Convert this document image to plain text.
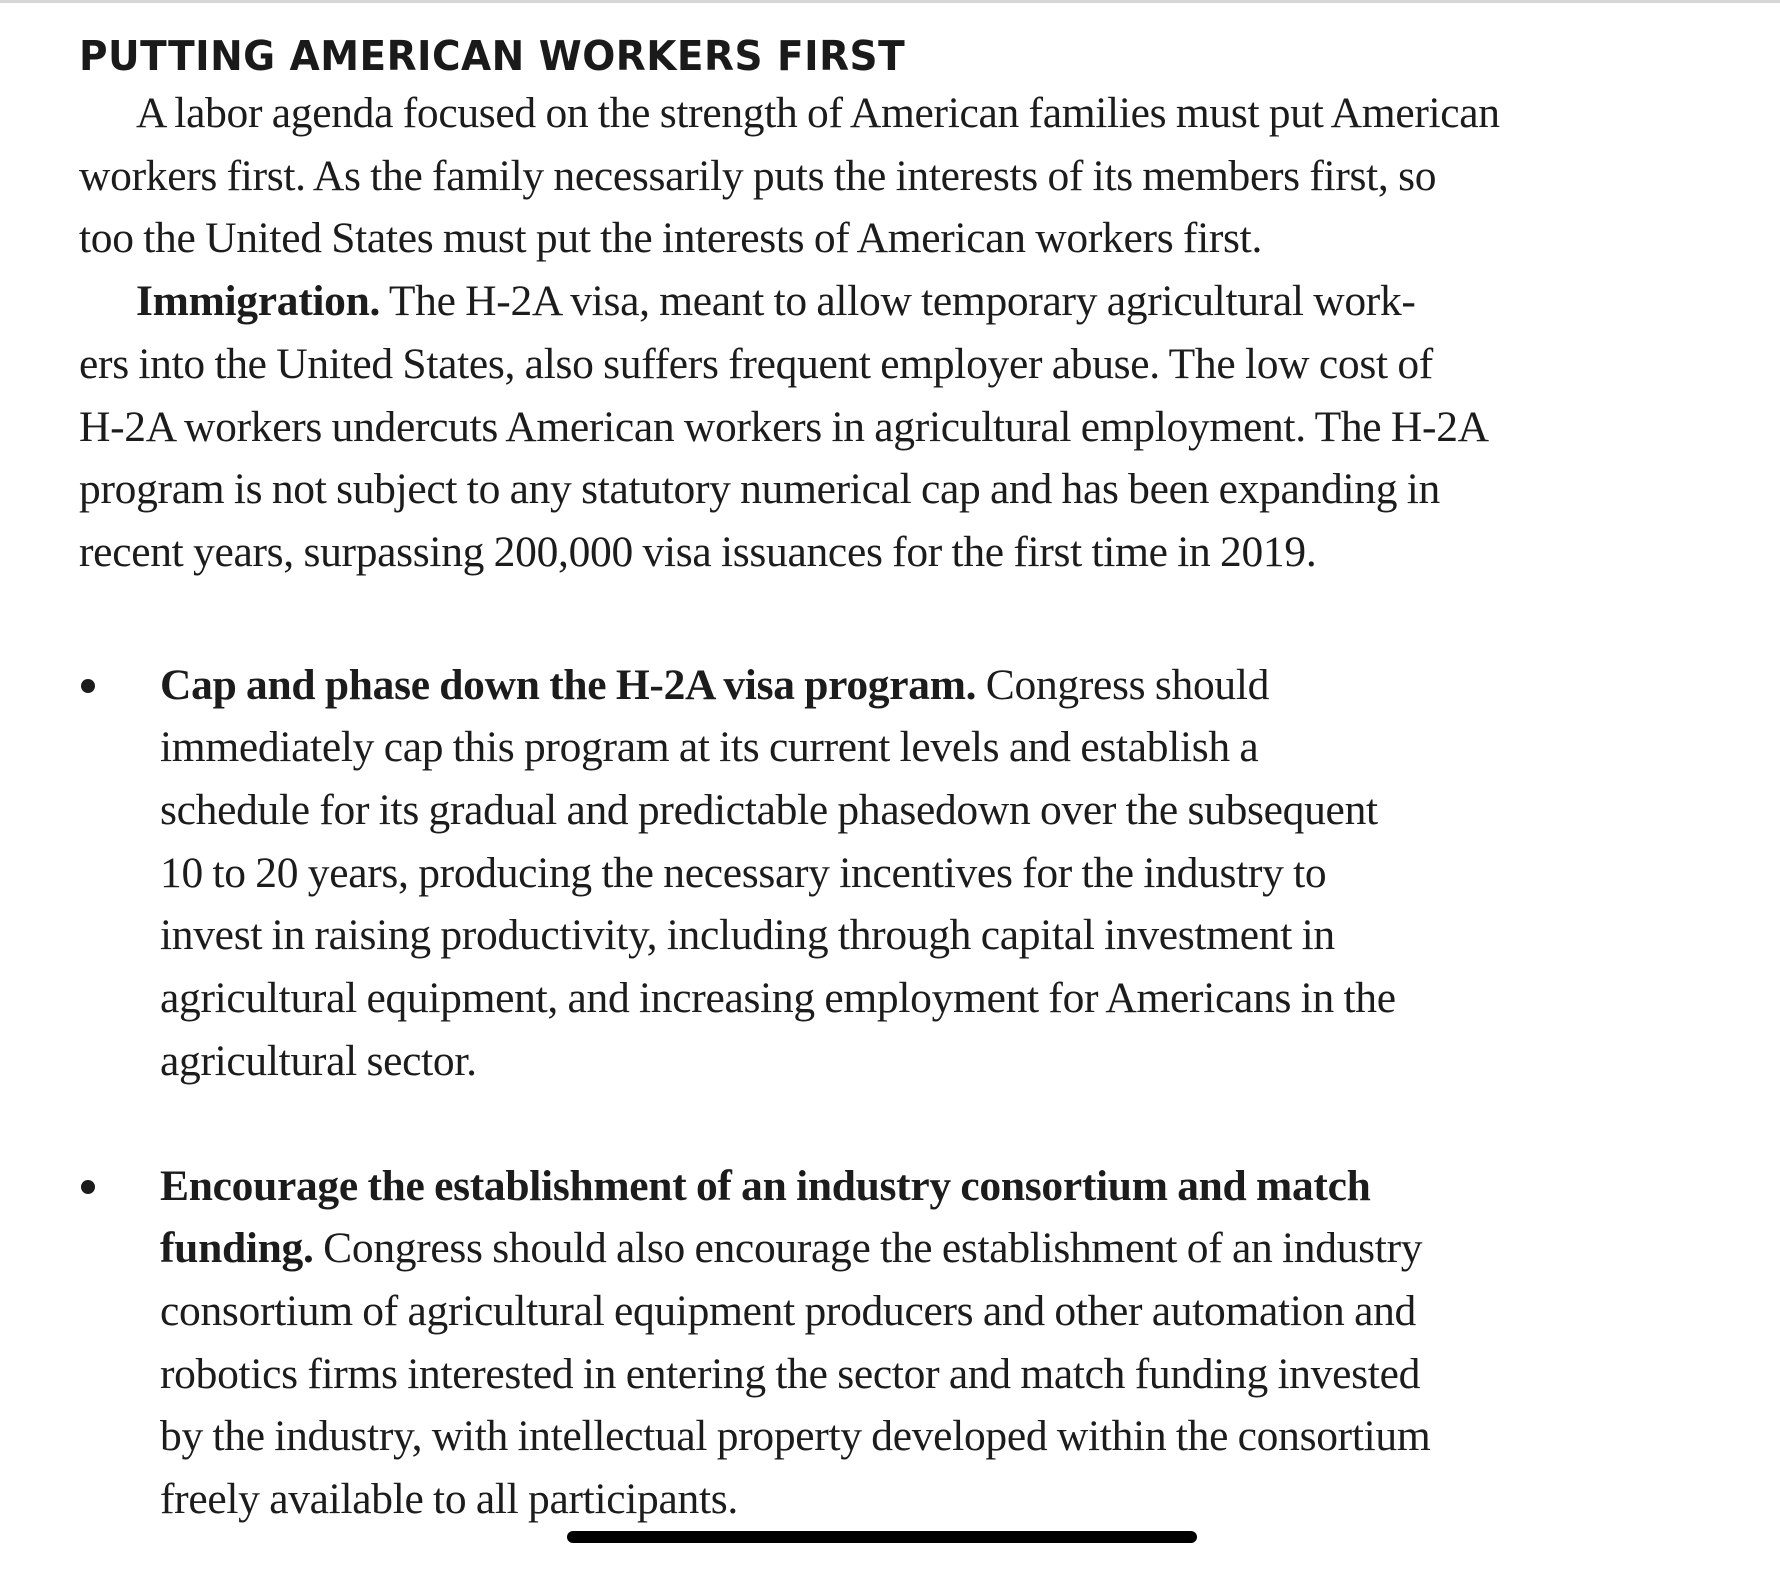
PUTTING AMERICAN WORKERS FIRST

A labor agenda focused on the strength of American families must put American
workers first. As the family necessarily puts the interests of its members first, so
too the United States must put the interests of American workers first.

Immigration. The H-2A visa, meant to allow temporary agricultural work-
ers into the United States, also suffers frequent employer abuse. The low cost of
H-2A workers undercuts American workers in agricultural employment. The H-2A
program is not subject to any statutory numerical cap and has been expanding in
recent years, surpassing 200,000 visa issuances for the first time in 2019.

Cap and phase down the H-2A visa program. Congress should
immediately cap this program at its current levels and establish a
schedule for its gradual and predictable phasedown over the subsequent
10 to 20 years, producing the necessary incentives for the industry to
invest in raising productivity, including through capital investment in
agricultural equipment, and increasing employment for Americans in the
agricultural sector.

Encourage the establishment of an industry consortium and match
funding. Congress should also encourage the establishment of an industry
consortium of agricultural equipment producers and other automation and
robotics firms interested in entering the sector and match funding invested
by the industry, with intellectual property developed within the consortium
freely available to all participants.
